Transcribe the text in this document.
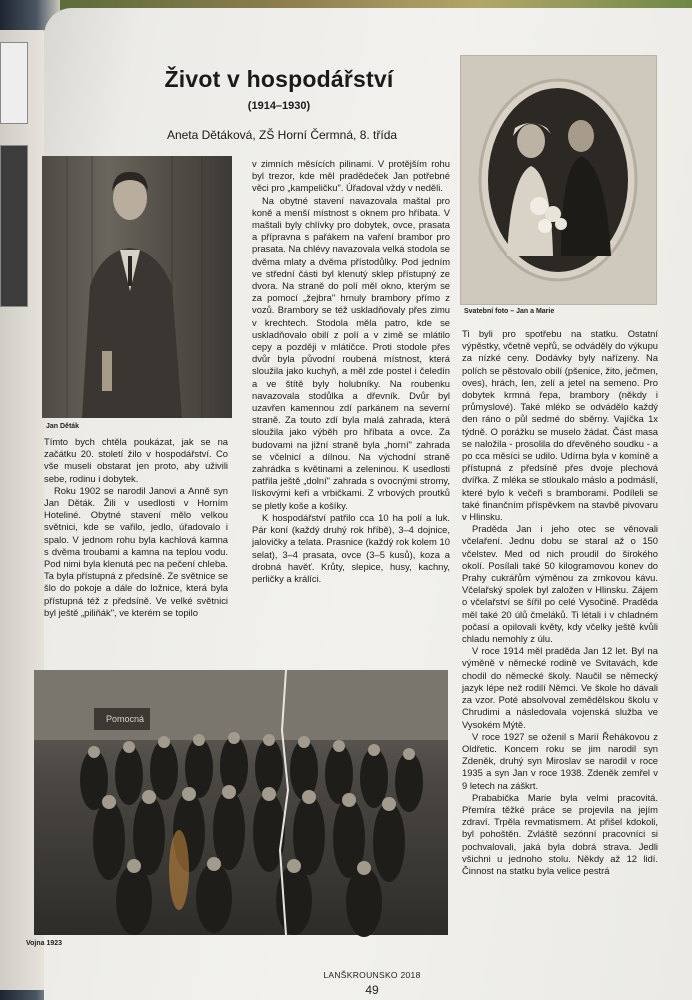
Život v hospodářství
(1914–1930)
Aneta Dětáková, ZŠ Horní Čermná, 8. třída
Jan Děták
Svatební foto – Jan a Marie

Tímto bych chtěla poukázat, jak se na začátku 20. století žilo v hospodářství. Co vše museli obstarat jen proto, aby uživili sebe, rodinu i dobytek.

Roku 1902 se narodil Janovi a Anně syn Jan Děták. Žili v usedlosti v Horním Hoteliné. Obytné stavení mělo velkou světnici, kde se vařilo, jedlo, úřadovalo i spalo. V jednom rohu byla kachlová kamna s dvěma troubami a kamna na teplou vodu. Pod nimi byla klenutá pec na pečení chleba. Ta byla přístupná z předsíně. Ze světnice se šlo do pokoje a dále do ložnice, která byla přístupná též z předsíně. Ve velké světnici byl ještě „piliňák", ve kterém se topilo

v zimních měsících pilinami. V protějším rohu byl trezor, kde měl pradědeček Jan potřebné věci pro „kampeličku". Úřadoval vždy v neděli.

Na obytné stavení navazovala maštal pro koně a menší místnost s oknem pro hříbata. V maštali byly chlívky pro dobytek, ovce, prasata a přípravna s pařákem na vaření brambor pro prasata. Na chlévy navazovala velká stodola se dvěma mlaty a dvěma přístodůlky. Pod jedním ve střední části byl klenutý sklep přístupný ze dvora. Na straně do polí měl okno, kterým se za pomocí „žejbra" hrnuly brambory přímo z vozů. Brambory se též uskladňovaly přes zimu v krechtech. Stodola měla patro, kde se uskladňovalo obilí z polí a v zimě se mlátilo cepy a později v mlátičce. Proti stodole přes dvůr byla původní roubená místnost, která sloužila jako kuchyň, a měl zde postel i čeledín a ve štítě byly holubníky. Na roubenku navazovala stodůlka a dřevník. Dvůr byl uzavřen kamennou zdí parkánem na severní straně. Za touto zdí byla malá zahrada, která sloužila jako výběh pro hříbata a ovce. Za budovami na jižní straně byla „horní" zahrada se včelnicí a dílnou. Na východní straně zahrádka s květinami a zeleninou. K usedlosti patřila ještě „dolní" zahrada s ovocnými stromy, lískovými keři a vrbičkami. Z vrbových proutků se pletly koše a košíky.

K hospodářství patřilo cca 10 ha polí a luk. Pár koní (každý druhý rok hříbě), 3–4 dojnice, jalovičky a telata. Prasnice (každý rok kolem 10 selat), 3–4 prasata, ovce (3–5 kusů), koza a drobná havěť. Krůty, slepice, husy, kachny, perličky a králíci.

Ti byli pro spotřebu na statku. Ostatní výpěstky, včetně vepřů, se odváděly do výkupu za nízké ceny. Dodávky byly nařízeny. Na polích se pěstovalo obilí (pšenice, žito, ječmen, oves), hrách, len, zelí a jetel na semeno. Pro dobytek krmná řepa, brambory (někdy i průmyslové). Také mléko se odvádělo každý den ráno o půl sedmé do sběrny. Vajíčka 1x týdně. O porážku se muselo žádat. Část masa se naložila - prosolila do dřevěného soudku - a po cca měsíci se udilo. Udírna byla v komíně a přístupná z předsíně přes dvoje plechová dvířka. Z mléka se stloukalo máslo a podmáslí, které bylo k večeři s bramborami. Podíleli se také finančním příspěvkem na stavbě pivovaru v Hlinsku.

Praděda Jan i jeho otec se věnovali včelaření. Jednu dobu se staral až o 150 včelstev. Med od nich proudil do širokého okolí. Posílali také 50 kilogramovou konev do Prahy cukrářům výměnou za zrnkovou kávu. Včelařský spolek byl založen v Hlinsku. Zájem o včelařství se šířil po celé Vysočině. Praděda měl také 20 úlů čmeláků. Ti létali i v chladném počasí a opilovali květy, kdy včelky ještě kvůli chladu nemohly z úlu.

V roce 1914 měl praděda Jan 12 let. Byl na výměně v německé rodině ve Svitavách, kde chodil do německé školy. Naučil se německý jazyk lépe než rodilí Němci. Ve škole ho dávali za vzor. Poté absolvoval zemědělskou školu v Chrudimi a následovala vojenská služba ve Vysokém Mýtě.

V roce 1927 se oženil s Marií Řehákovou z Oldřetic. Koncem roku se jim narodil syn Zdeněk, druhý syn Miroslav se narodil v roce 1935 a syn Jan v roce 1938. Zdeněk zemřel v 9 letech na záškrt.

Prababička Marie byla velmi pracovitá. Přemíra těžké práce se projevila na jejím zdraví. Trpěla revmatismem. At přišel kdokoli, byl pohoštěn. Zvláště sezónní pracovníci si pochvalovali, jaká byla dobrá strava. Jedli všichni u jednoho stolu. Někdy až 12 lidí. Činnost na statku byla velice pestrá

Pomocná
Vojna 1923
LANŠKROUNSKO 2018
49
